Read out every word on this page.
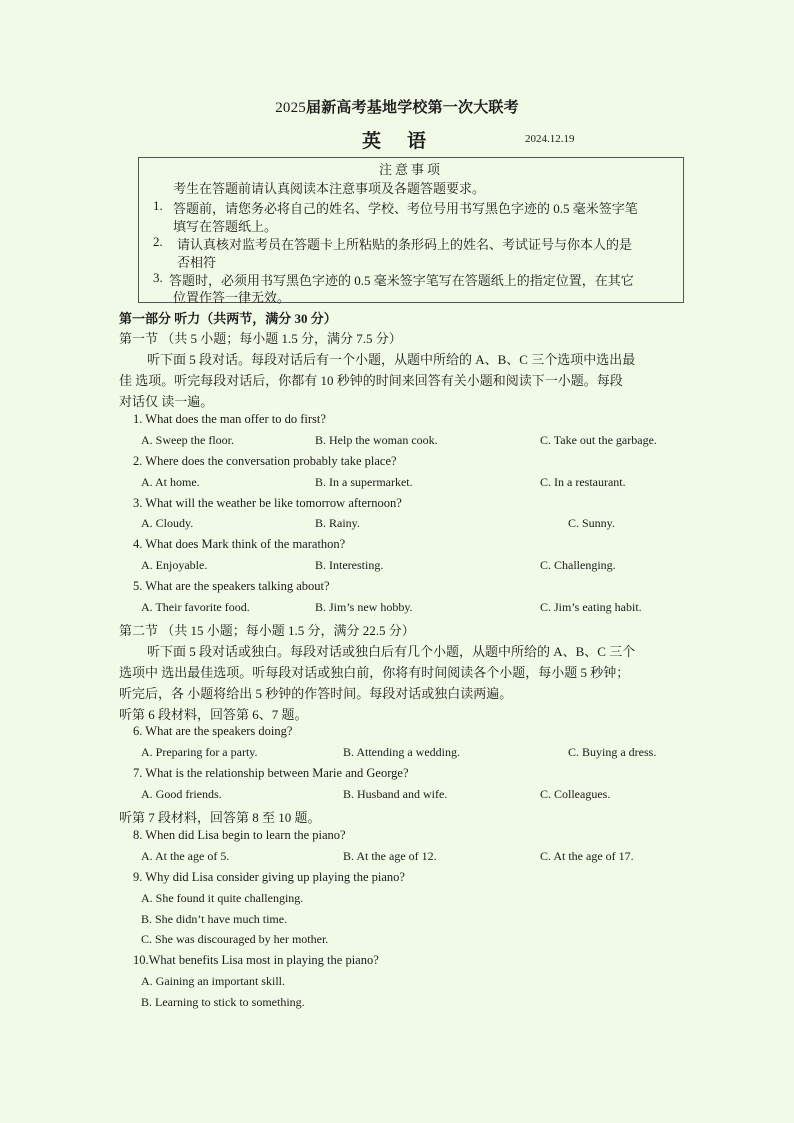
2025届新高考基地学校第一次大联考
英语	2024.12.19
注意事项
考生在答题前请认真阅读本注意事项及各题答题要求。
1. 答题前，请您务必将自己的姓名、学校、考位号用书写黑色字迹的 0.5 毫米签字笔
填写在答题纸上。
2. 请认真核对监考员在答题卡上所粘贴的条形码上的姓名、考试证号与你本人的是
否相符
3. 答题时，必须用书写黑色字迹的 0.5 毫米签字笔写在答题纸上的指定位置，在其它
位置作答一律无效。
第一部分 听力（共两节，满分 30 分）
第一节 （共 5 小题；每小题 1.5 分，满分 7.5 分）
听下面 5 段对话。每段对话后有一个小题，从题中所给的 A、B、C 三个选项中选出最
佳 选项。听完每段对话后，你都有 10 秒钟的时间来回答有关小题和阅读下一小题。每段
对话仅 读一遍。
1. What does the man offer to do first?
A. Sweep the floor.	B. Help the woman cook.	C. Take out the garbage.
2. Where does the conversation probably take place?
A. At home.	B. In a supermarket.	C. In a restaurant.
3. What will the weather be like tomorrow afternoon?
A. Cloudy.	B. Rainy.	C. Sunny.
4. What does Mark think of the marathon?
A. Enjoyable.	B. Interesting.	C. Challenging.
5. What are the speakers talking about?
A. Their favorite food.	B. Jim’s new hobby.	C. Jim’s eating habit.
第二节 （共 15 小题；每小题 1.5 分，满分 22.5 分）
听下面 5 段对话或独白。每段对话或独白后有几个小题，从题中所给的 A、B、C 三个
选项中 选出最佳选项。听每段对话或独白前，你将有时间阅读各个小题，每小题 5 秒钟；
听完后，各 小题将给出 5 秒钟的作答时间。每段对话或独白读两遍。
听第 6 段材料，回答第 6、7 题。
6. What are the speakers doing?
A. Preparing for a party.	B. Attending a wedding.	C. Buying a dress.
7. What is the relationship between Marie and George?
A. Good friends.	B. Husband and wife.	C. Colleagues.
听第 7 段材料，回答第 8 至 10 题。
8. When did Lisa begin to learn the piano?
A. At the age of 5.	B. At the age of 12.	C. At the age of 17.
9. Why did Lisa consider giving up playing the piano?
A. She found it quite challenging.
B. She didn’t have much time.
C. She was discouraged by her mother.
10.What benefits Lisa most in playing the piano?
A. Gaining an important skill.
B. Learning to stick to something.
